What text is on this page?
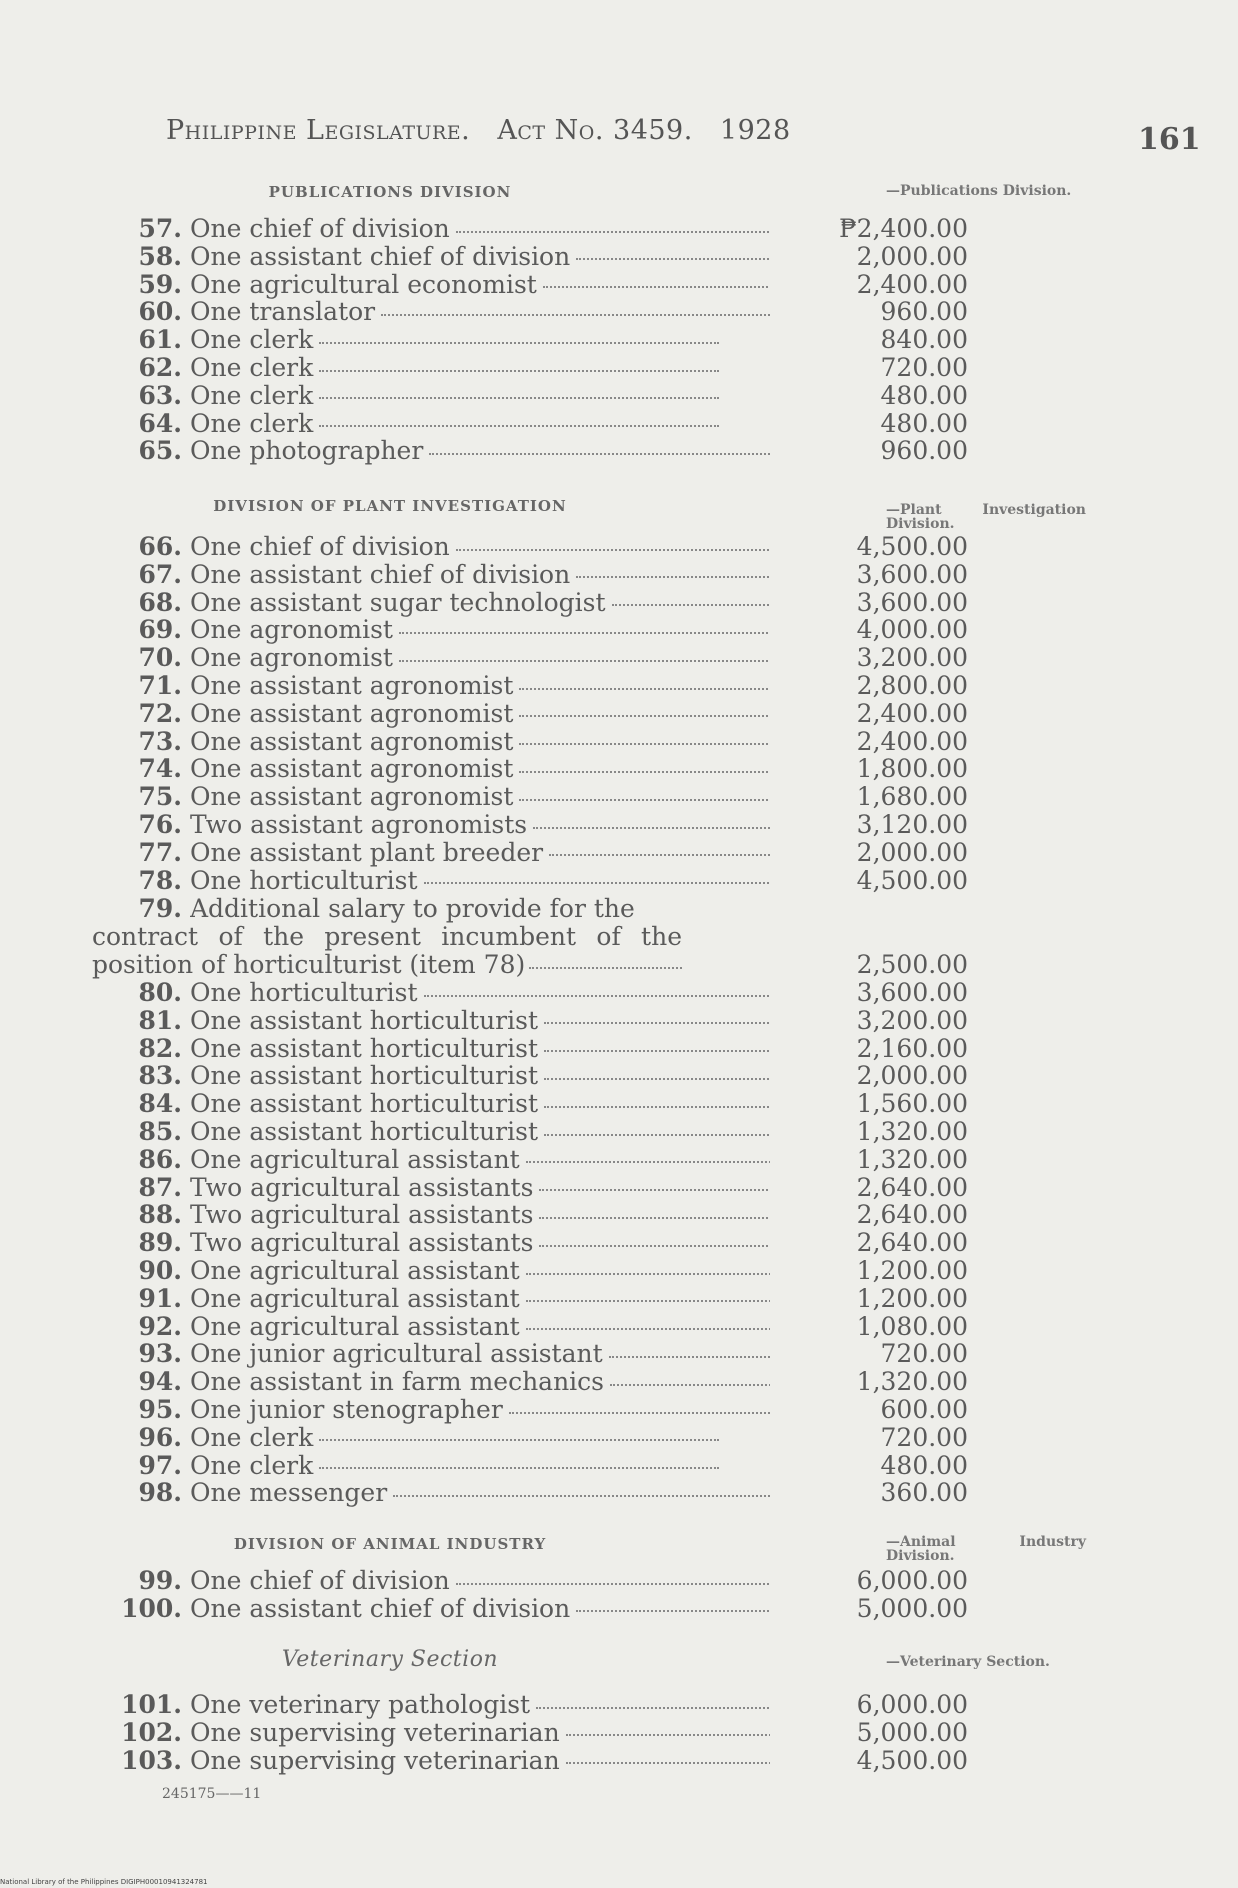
Philippine Legislature. Act No. 3459. 1928	161
PUBLICATIONS DIVISION	—Publications Division.
57. One chief of division	₱2,400.00
58. One assistant chief of division	2,000.00
59. One agricultural economist	2,400.00
60. One translator	960.00
61. One clerk	840.00
62. One clerk	720.00
63. One clerk	480.00
64. One clerk	480.00
65. One photographer	960.00
DIVISION OF PLANT INVESTIGATION	—Plant Investigation Division.
66. One chief of division	4,500.00
67. One assistant chief of division	3,600.00
68. One assistant sugar technologist	3,600.00
69. One agronomist	4,000.00
70. One agronomist	3,200.00
71. One assistant agronomist	2,800.00
72. One assistant agronomist	2,400.00
73. One assistant agronomist	2,400.00
74. One assistant agronomist	1,800.00
75. One assistant agronomist	1,680.00
76. Two assistant agronomists	3,120.00
77. One assistant plant breeder	2,000.00
78. One horticulturist	4,500.00
79. Additional salary to provide for the
contract of the present incumbent of the
position of horticulturist (item 78)	2,500.00
80. One horticulturist	3,600.00
81. One assistant horticulturist	3,200.00
82. One assistant horticulturist	2,160.00
83. One assistant horticulturist	2,000.00
84. One assistant horticulturist	1,560.00
85. One assistant horticulturist	1,320.00
86. One agricultural assistant	1,320.00
87. Two agricultural assistants	2,640.00
88. Two agricultural assistants	2,640.00
89. Two agricultural assistants	2,640.00
90. One agricultural assistant	1,200.00
91. One agricultural assistant	1,200.00
92. One agricultural assistant	1,080.00
93. One junior agricultural assistant	720.00
94. One assistant in farm mechanics	1,320.00
95. One junior stenographer	600.00
96. One clerk	720.00
97. One clerk	480.00
98. One messenger	360.00
DIVISION OF ANIMAL INDUSTRY	—Animal Industry Division.
99. One chief of division	6,000.00
100. One assistant chief of division	5,000.00
Veterinary Section	—Veterinary Section.
101. One veterinary pathologist	6,000.00
102. One supervising veterinarian	5,000.00
103. One supervising veterinarian	4,500.00
245175——11
National Library of the Philippines DIGIPH00010941324781
